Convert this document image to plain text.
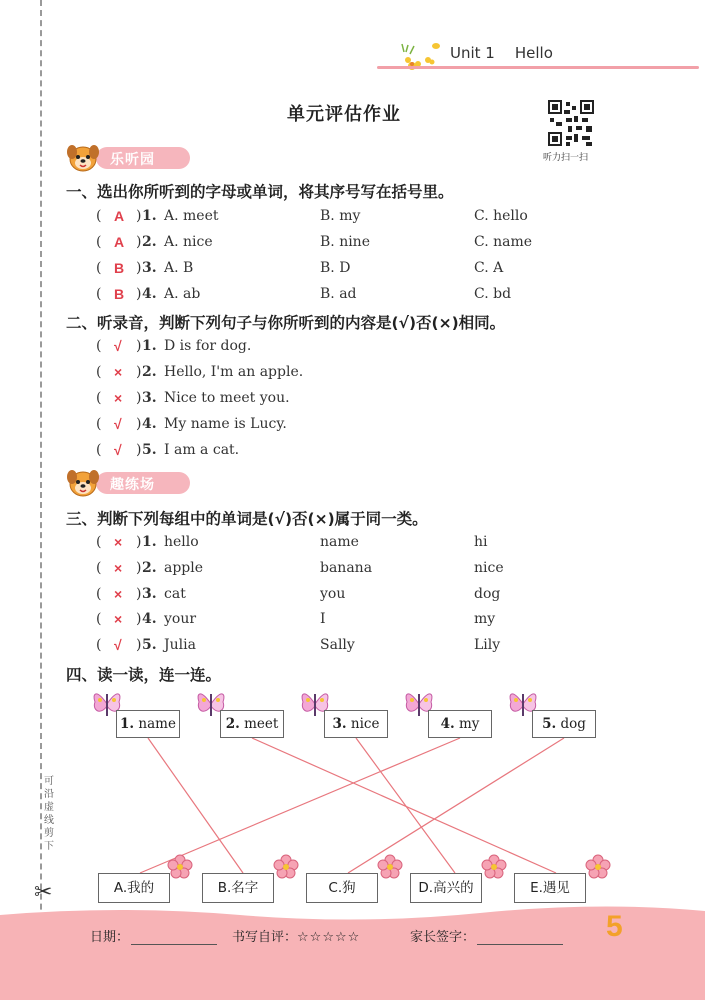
可沿虚线剪下
✂
Unit 1 Hello
单元评估作业
听力扫一扫
乐听园
一、选出你所听到的字母或单词，将其序号写在括号里。
( A ) 1. A. meet	B. my	C. hello
( A ) 2. A. nice	B. nine	C. name
( B ) 3. A. B	B. D	C. A
( B ) 4. A. ab	B. ad	C. bd
二、听录音，判断下列句子与你所听到的内容是(√)否(×)相同。
( √ ) 1. D is for dog.
( × ) 2. Hello, I'm an apple.
( × ) 3. Nice to meet you.
( √ ) 4. My name is Lucy.
( √ ) 5. I am a cat.
趣练场
三、判断下列每组中的单词是(√)否(×)属于同一类。
( × ) 1. hello	name	hi
( × ) 2. apple	banana	nice
( × ) 3. cat	you	dog
( × ) 4. your	I	my
( √ ) 5. Julia	Sally	Lily
四、读一读，连一连。
1. name	2. meet	3. nice	4. my	5. dog
A.我的	B.名字	C.狗	D.高兴的	E.遇见
日期：	书写自评：☆☆☆☆☆	家长签字：	5
